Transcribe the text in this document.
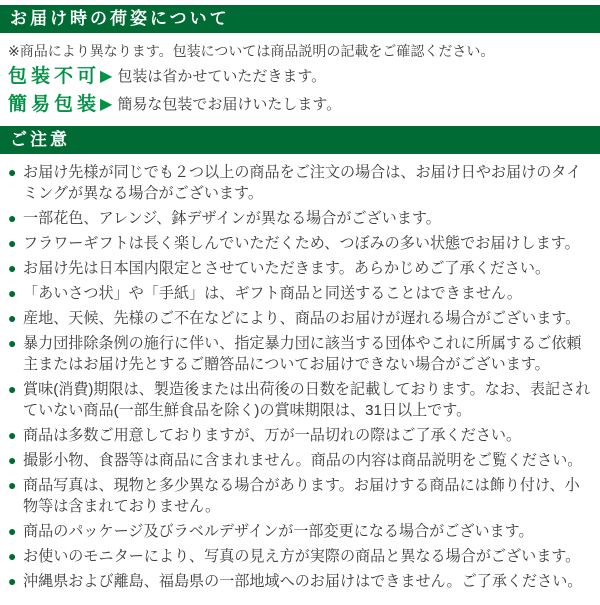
お届け時の荷姿について
※商品により異なります。包装については商品説明の記載をご確認ください。
包装不可 ▶ 包装は省かせていただきます。
簡易包装 ▶ 簡易な包装でお届けいたします。
ご注意
● お届け先様が同じでも２つ以上の商品をご注文の場合は、お届け日やお届けのタイミングが異なる場合がございます。
● 一部花色、アレンジ、鉢デザインが異なる場合がございます。
● フラワーギフトは長く楽しんでいただくため、つぼみの多い状態でお届けします。
● お届け先は日本国内限定とさせていただきます。あらかじめご了承ください。
● 「あいさつ状」や「手紙」は、ギフト商品と同送することはできません。
● 産地、天候、先様のご不在などにより、商品のお届けが遅れる場合がございます。
● 暴力団排除条例の施行に伴い、指定暴力団に該当する団体やこれに所属するご依頼主またはお届け先とするご贈答品についてお届けできない場合がございます。
● 賞味(消費)期限は、製造後または出荷後の日数を記載しております。なお、表記されていない商品(一部生鮮食品を除く)の賞味期限は、31日以上です。
● 商品は多数ご用意しておりますが、万が一品切れの際はご了承ください。
● 撮影小物、食器等は商品に含まれません。商品の内容は商品説明をご覧ください。
● 商品写真は、現物と多少異なる場合があります。お届けする商品には飾り付け、小物等は含まれておりません。
● 商品のパッケージ及びラベルデザインが一部変更になる場合がございます。
● お使いのモニターにより、写真の見え方が実際の商品と異なる場合がございます。
● 沖縄県および離島、福島県の一部地域へのお届けはできません。ご了承ください。
